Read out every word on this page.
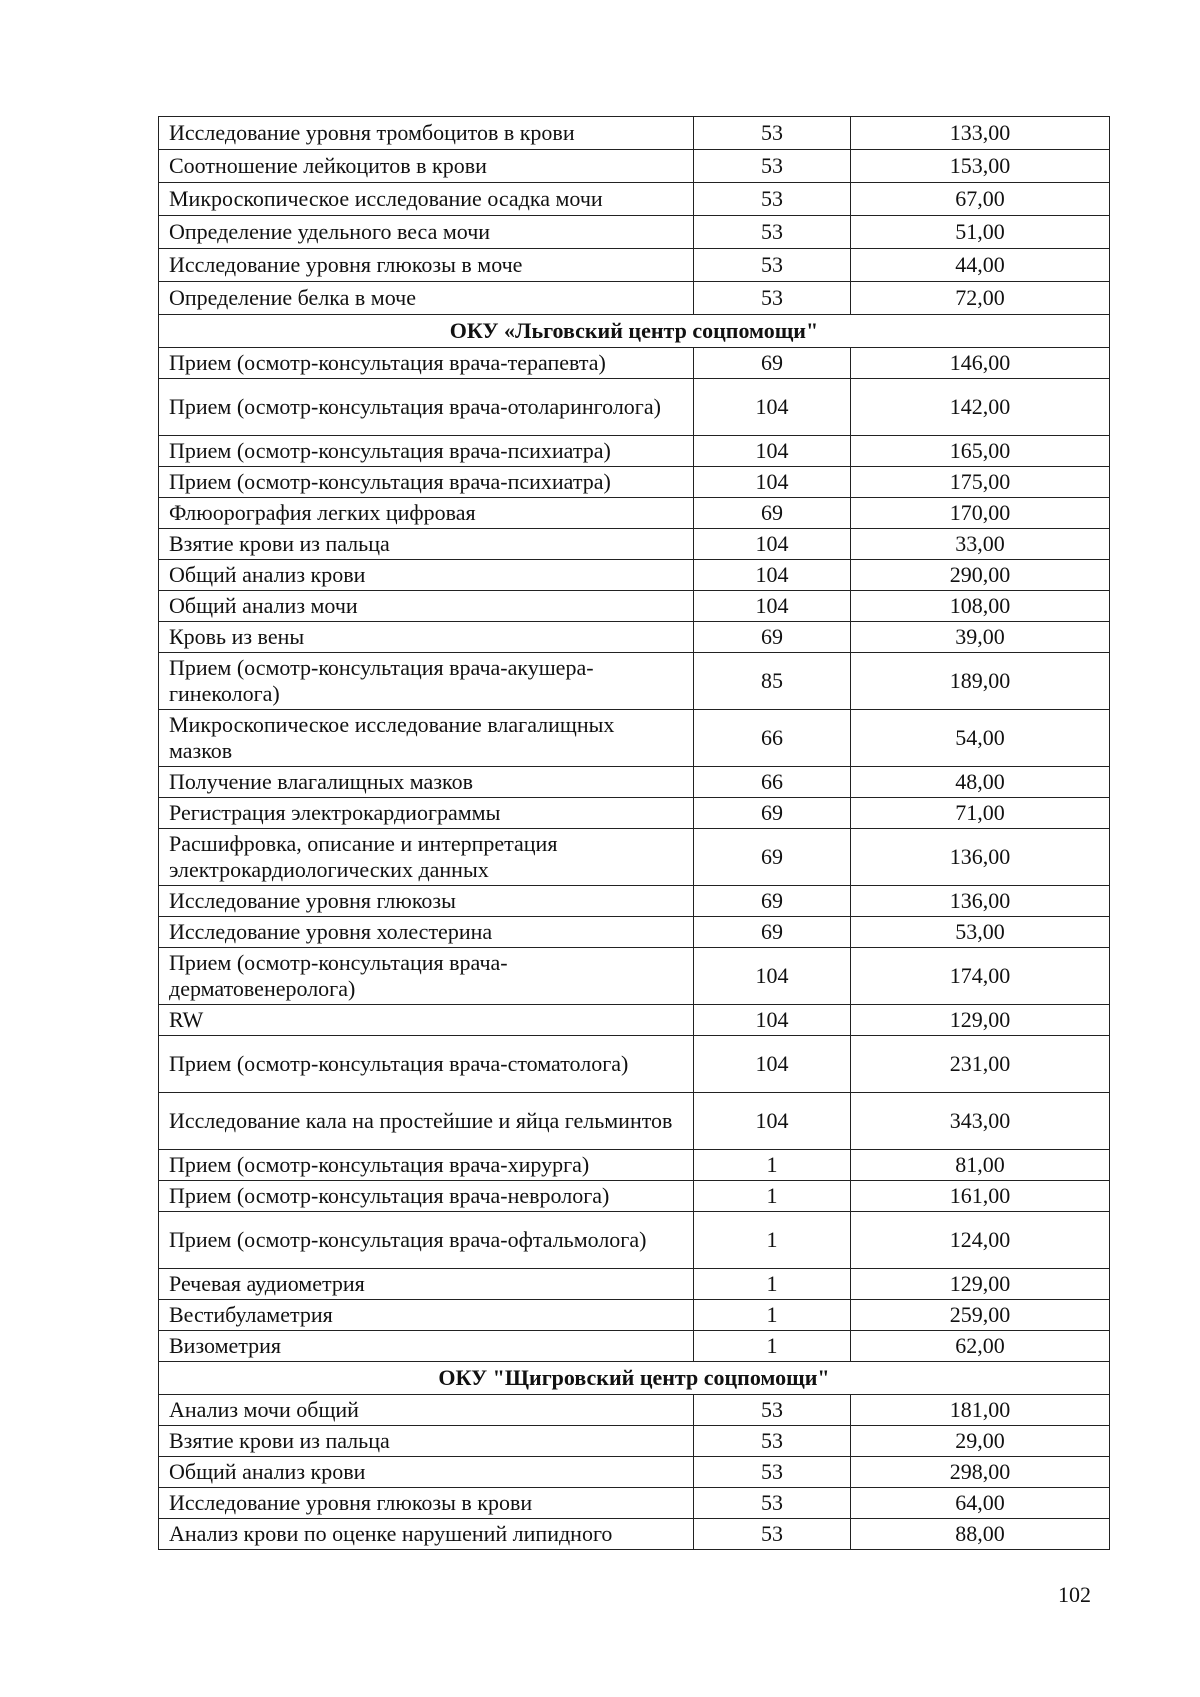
Исследование уровня тромбоцитов в крови	53	133,00
Соотношение лейкоцитов в крови	53	153,00
Микроскопическое исследование осадка мочи	53	67,00
Определение удельного веса мочи	53	51,00
Исследование уровня глюкозы в моче	53	44,00
Определение белка в моче	53	72,00
ОКУ «Льговский центр соцпомощи"		
Прием (осмотр-консультация врача-терапевта)	69	146,00
Прием (осмотр-консультация врача-отоларинголога)	104	142,00
Прием (осмотр-консультация врача-психиатра)	104	165,00
Прием (осмотр-консультация врача-психиатра)	104	175,00
Флюорография легких цифровая	69	170,00
Взятие крови из пальца	104	33,00
Общий анализ крови	104	290,00
Общий анализ мочи	104	108,00
Кровь из вены	69	39,00
Прием (осмотр-консультация врача-акушера-гинеколога)	85	189,00
Микроскопическое исследование влагалищных мазков	66	54,00
Получение влагалищных мазков	66	48,00
Регистрация электрокардиограммы	69	71,00
Расшифровка, описание и интерпретация электрокардиологических данных	69	136,00
Исследование уровня глюкозы	69	136,00
Исследование уровня холестерина	69	53,00
Прием (осмотр-консультация врача-дерматовенеролога)	104	174,00
RW	104	129,00
Прием (осмотр-консультация врача-стоматолога)	104	231,00
Исследование кала на простейшие и яйца гельминтов	104	343,00
Прием (осмотр-консультация врача-хирурга)	1	81,00
Прием (осмотр-консультация врача-невролога)	1	161,00
Прием (осмотр-консультация врача-офтальмолога)	1	124,00
Речевая аудиометрия	1	129,00
Вестибуламетрия	1	259,00
Визометрия	1	62,00
ОКУ "Щигровский центр соцпомощи"		
Анализ мочи общий	53	181,00
Взятие крови из пальца	53	29,00
Общий анализ крови	53	298,00
Исследование уровня глюкозы в крови	53	64,00
Анализ крови по оценке нарушений липидного	53	88,00
102
